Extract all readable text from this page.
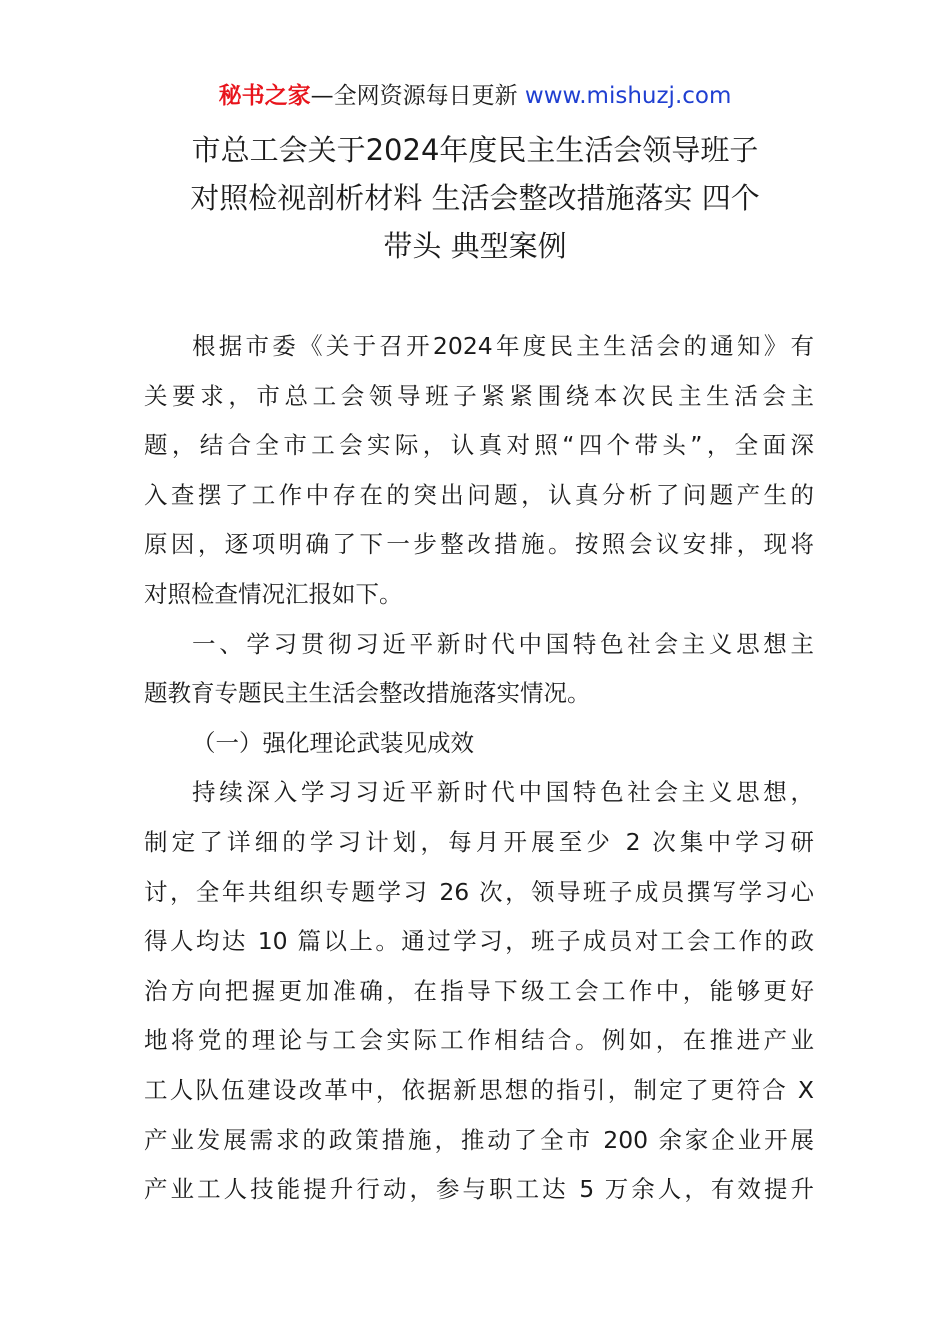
秘书之家—全网资源每日更新 www.mishuzj.com
市总工会关于2024年度民主生活会领导班子
对照检视剖析材料 生活会整改措施落实 四个
带头 典型案例
根据市委《关于召开2024年度民主生活会的通知》有
关要求，市总工会领导班子紧紧围绕本次民主生活会主
题，结合全市工会实际，认真对照“四个带头”，全面深
入查摆了工作中存在的突出问题，认真分析了问题产生的
原因，逐项明确了下一步整改措施。按照会议安排，现将
对照检查情况汇报如下。
一、学习贯彻习近平新时代中国特色社会主义思想主
题教育专题民主生活会整改措施落实情况。
（一）强化理论武装见成效
持续深入学习习近平新时代中国特色社会主义思想，
制定了详细的学习计划，每月开展至少 2 次集中学习研
讨，全年共组织专题学习 26 次，领导班子成员撰写学习心
得人均达 10 篇以上。通过学习，班子成员对工会工作的政
治方向把握更加准确，在指导下级工会工作中，能够更好
地将党的理论与工会实际工作相结合。例如，在推进产业
工人队伍建设改革中，依据新思想的指引，制定了更符合 X
产业发展需求的政策措施，推动了全市 200 余家企业开展
产业工人技能提升行动，参与职工达 5 万余人，有效提升
